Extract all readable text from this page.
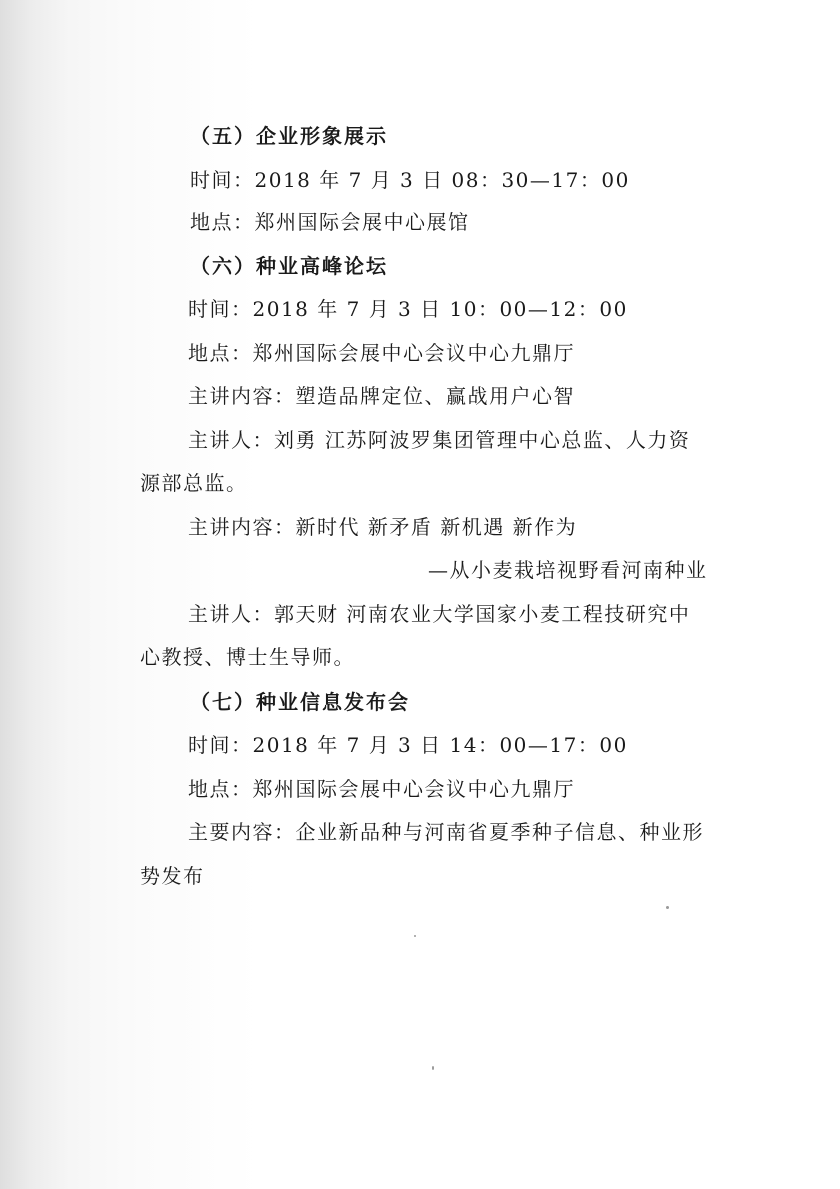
（五）企业形象展示
时间：2018 年 7 月 3 日 08：30—17：00
地点：郑州国际会展中心展馆
（六）种业高峰论坛
时间：2018 年 7 月 3 日 10：00—12：00
地点：郑州国际会展中心会议中心九鼎厅
主讲内容：塑造品牌定位、赢战用户心智
主讲人：刘勇 江苏阿波罗集团管理中心总监、人力资
源部总监。
主讲内容：新时代 新矛盾 新机遇 新作为
—从小麦栽培视野看河南种业
主讲人：郭天财 河南农业大学国家小麦工程技研究中
心教授、博士生导师。
（七）种业信息发布会
时间：2018 年 7 月 3 日 14：00—17：00
地点：郑州国际会展中心会议中心九鼎厅
主要内容：企业新品种与河南省夏季种子信息、种业形
势发布
